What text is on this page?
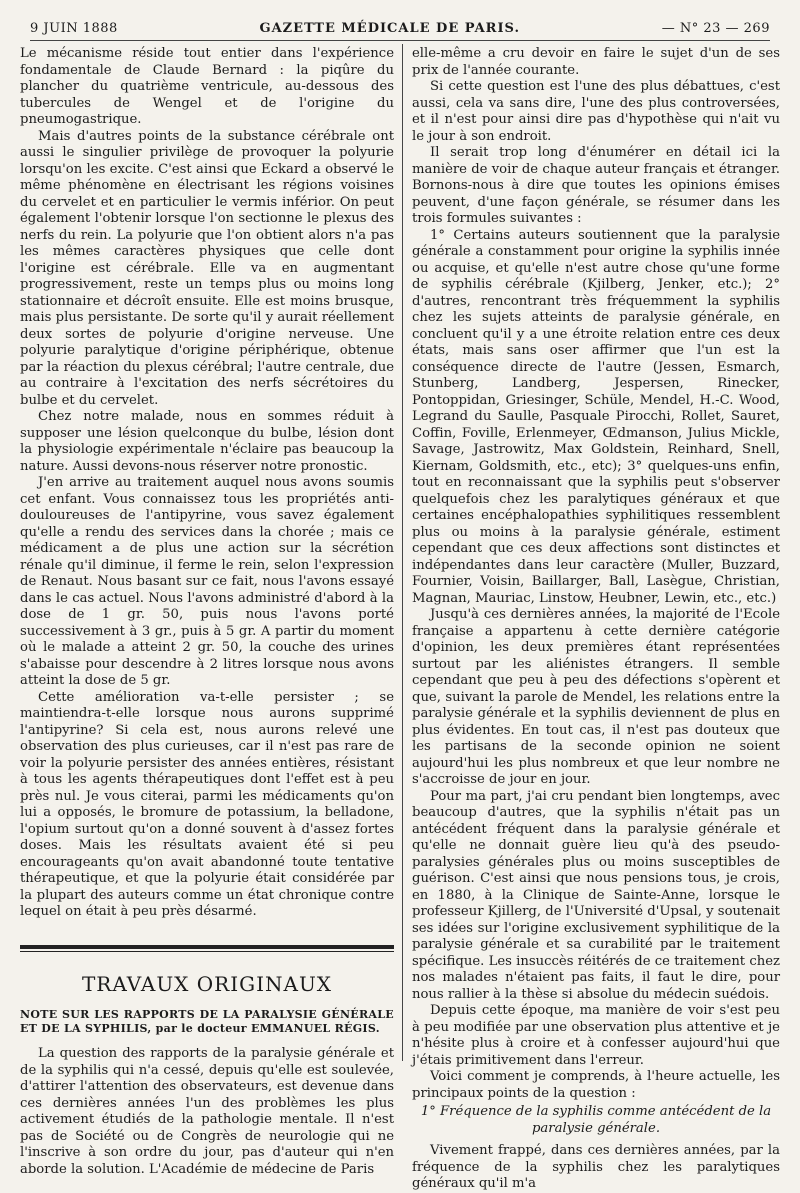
9 JUIN 1888	GAZETTE MÉDICALE DE PARIS.	— N° 23 — 269

Le mécanisme réside tout entier dans l'expérience fondamentale de Claude Bernard : la piqûre du plancher du quatrième ventricule, au-dessous des tubercules de Wengel et de l'origine du pneumogastrique.

Mais d'autres points de la substance cérébrale ont aussi le singulier privilège de provoquer la polyurie lorsqu'on les excite. C'est ainsi que Eckard a observé le même phénomène en électrisant les régions voisines du cervelet et en particulier le vermis inférior. On peut également l'obtenir lorsque l'on sectionne le plexus des nerfs du rein. La polyurie que l'on obtient alors n'a pas les mêmes caractères physiques que celle dont l'origine est cérébrale. Elle va en augmentant progressivement, reste un temps plus ou moins long stationnaire et décroît ensuite. Elle est moins brusque, mais plus persistante. De sorte qu'il y aurait réellement deux sortes de polyurie d'origine nerveuse. Une polyurie paralytique d'origine périphérique, obtenue par la réaction du plexus cérébral; l'autre centrale, due au contraire à l'excitation des nerfs sécrétoires du bulbe et du cervelet.

Chez notre malade, nous en sommes réduit à supposer une lésion quelconque du bulbe, lésion dont la physiologie expérimentale n'éclaire pas beaucoup la nature. Aussi devons-nous réserver notre pronostic.

J'en arrive au traitement auquel nous avons soumis cet enfant. Vous connaissez tous les propriétés anti-douloureuses de l'antipyrine, vous savez également qu'elle a rendu des services dans la chorée ; mais ce médicament a de plus une action sur la sécrétion rénale qu'il diminue, il ferme le rein, selon l'expression de Renaut. Nous basant sur ce fait, nous l'avons essayé dans le cas actuel. Nous l'avons administré d'abord à la dose de 1 gr. 50, puis nous l'avons porté successivement à 3 gr., puis à 5 gr. A partir du moment où le malade a atteint 2 gr. 50, la couche des urines s'abaisse pour descendre à 2 litres lorsque nous avons atteint la dose de 5 gr.

Cette amélioration va-t-elle persister ; se maintiendra-t-elle lorsque nous aurons supprimé l'antipyrine? Si cela est, nous aurons relevé une observation des plus curieuses, car il n'est pas rare de voir la polyurie persister des années entières, résistant à tous les agents thérapeutiques dont l'effet est à peu près nul. Je vous citerai, parmi les médicaments qu'on lui a opposés, le bromure de potassium, la belladone, l'opium surtout qu'on a donné souvent à d'assez fortes doses. Mais les résultats avaient été si peu encourageants qu'on avait abandonné toute tentative thérapeutique, et que la polyurie était considérée par la plupart des auteurs comme un état chronique contre lequel on était à peu près désarmé.

TRAVAUX ORIGINAUX
NOTE SUR LES RAPPORTS DE LA PARALYSIE GÉNÉRALE ET DE LA SYPHILIS, par le docteur EMMANUEL RÉGIS.

La question des rapports de la paralysie générale et de la syphilis qui n'a cessé, depuis qu'elle est soulevée, d'attirer l'attention des observateurs, est devenue dans ces dernières années l'un des problèmes les plus activement étudiés de la pathologie mentale. Il n'est pas de Société ou de Congrès de neurologie qui ne l'inscrive à son ordre du jour, pas d'auteur qui n'en aborde la solution. L'Académie de médecine de Paris

elle-même a cru devoir en faire le sujet d'un de ses prix de l'année courante.

Si cette question est l'une des plus débattues, c'est aussi, cela va sans dire, l'une des plus controversées, et il n'est pour ainsi dire pas d'hypothèse qui n'ait vu le jour à son endroit.

Il serait trop long d'énumérer en détail ici la manière de voir de chaque auteur français et étranger. Bornons-nous à dire que toutes les opinions émises peuvent, d'une façon générale, se résumer dans les trois formules suivantes :

1° Certains auteurs soutiennent que la paralysie générale a constamment pour origine la syphilis innée ou acquise, et qu'elle n'est autre chose qu'une forme de syphilis cérébrale (Kjilberg, Jenker, etc.); 2° d'autres, rencontrant très fréquemment la syphilis chez les sujets atteints de paralysie générale, en concluent qu'il y a une étroite relation entre ces deux états, mais sans oser affirmer que l'un est la conséquence directe de l'autre (Jessen, Esmarch, Stunberg, Landberg, Jespersen, Rinecker, Pontoppidan, Griesinger, Schüle, Mendel, H.-C. Wood, Legrand du Saulle, Pasquale Pirocchi, Rollet, Sauret, Coffin, Foville, Erlenmeyer, Œdmanson, Julius Mickle, Savage, Jastrowitz, Max Goldstein, Reinhard, Snell, Kiernam, Goldsmith, etc., etc); 3° quelques-uns enfin, tout en reconnaissant que la syphilis peut s'observer quelquefois chez les paralytiques généraux et que certaines encéphalopathies syphilitiques ressemblent plus ou moins à la paralysie générale, estiment cependant que ces deux affections sont distinctes et indépendantes dans leur caractère (Muller, Buzzard, Fournier, Voisin, Baillarger, Ball, Lasègue, Christian, Magnan, Mauriac, Linstow, Heubner, Lewin, etc., etc.)

Jusqu'à ces dernières années, la majorité de l'Ecole française a appartenu à cette dernière catégorie d'opinion, les deux premières étant représentées surtout par les aliénistes étrangers. Il semble cependant que peu à peu des défections s'opèrent et que, suivant la parole de Mendel, les relations entre la paralysie générale et la syphilis deviennent de plus en plus évidentes. En tout cas, il n'est pas douteux que les partisans de la seconde opinion ne soient aujourd'hui les plus nombreux et que leur nombre ne s'accroisse de jour en jour.

Pour ma part, j'ai cru pendant bien longtemps, avec beaucoup d'autres, que la syphilis n'était pas un antécédent fréquent dans la paralysie générale et qu'elle ne donnait guère lieu qu'à des pseudo-paralysies générales plus ou moins susceptibles de guérison. C'est ainsi que nous pensions tous, je crois, en 1880, à la Clinique de Sainte-Anne, lorsque le professeur Kjillerg, de l'Université d'Upsal, y soutenait ses idées sur l'origine exclusivement syphilitique de la paralysie générale et sa curabilité par le traitement spécifique. Les insuccès réitérés de ce traitement chez nos malades n'étaient pas faits, il faut le dire, pour nous rallier à la thèse si absolue du médecin suédois.

Depuis cette époque, ma manière de voir s'est peu à peu modifiée par une observation plus attentive et je n'hésite plus à croire et à confesser aujourd'hui que j'étais primitivement dans l'erreur.

Voici comment je comprends, à l'heure actuelle, les principaux points de la question :

1° Fréquence de la syphilis comme antécédent de la paralysie générale.

Vivement frappé, dans ces dernières années, par la fréquence de la syphilis chez les paralytiques généraux qu'il m'a
